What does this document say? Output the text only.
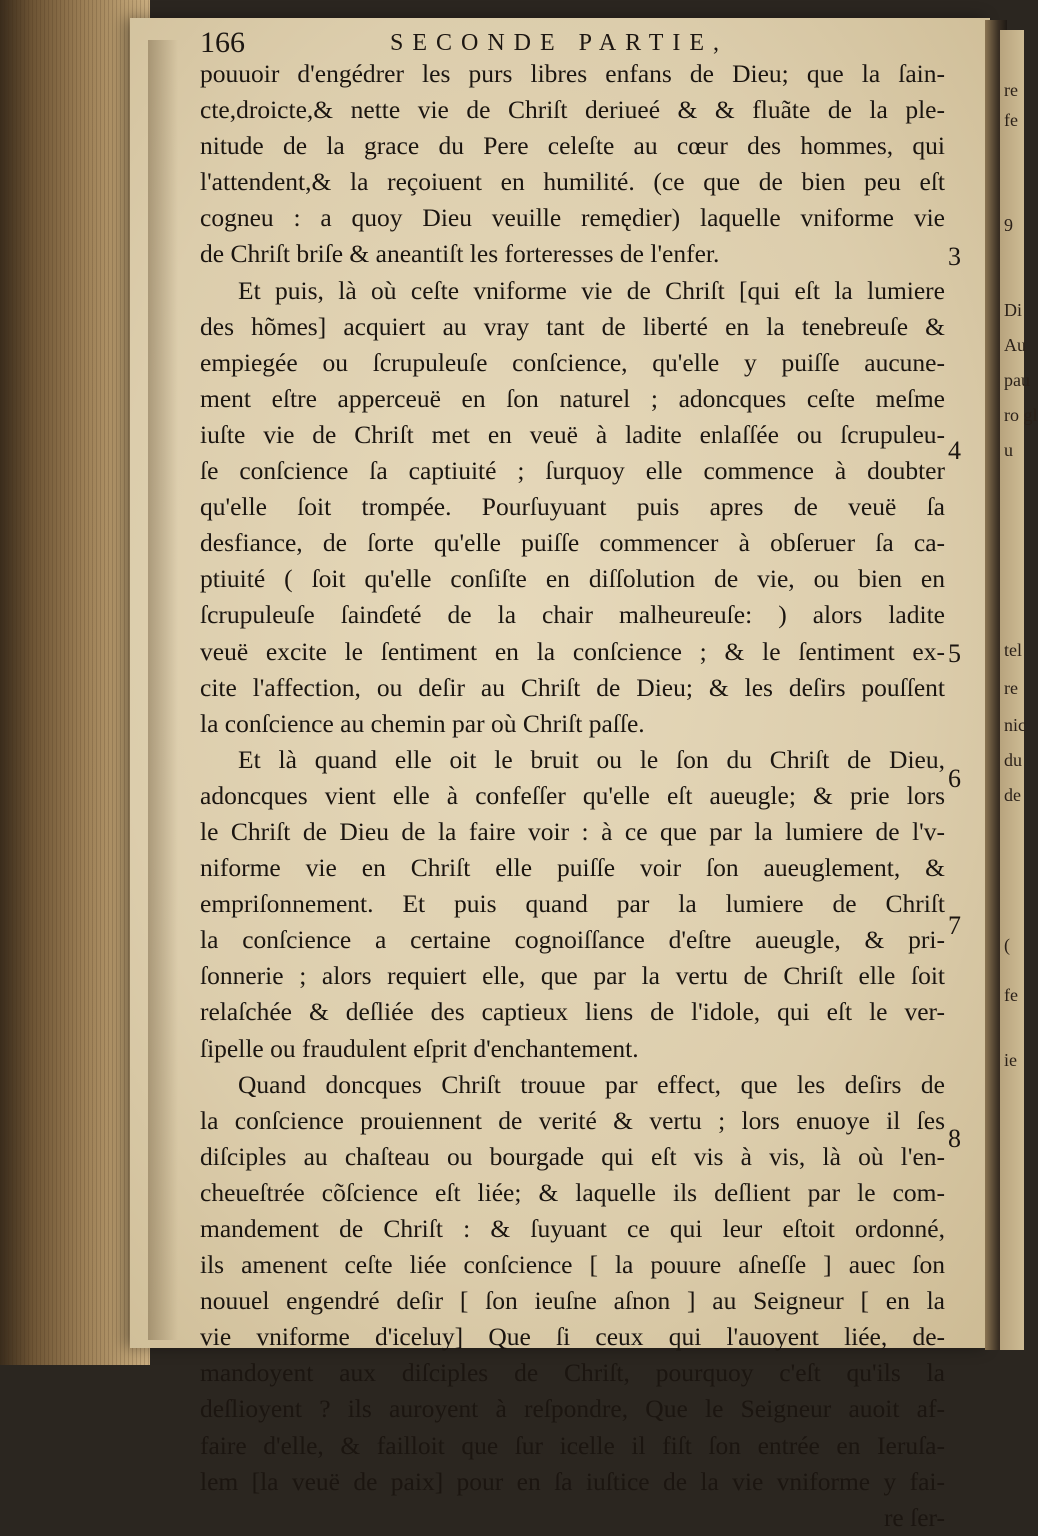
re
fe
9
Di
Au
pau
ro gl
u
tel
re
nic
du
de
(
fe
ie
166	SECONDE PARTIE,
pouuoir d'engédrer les purs libres enfans de Dieu; que la ſain-
cte,droicte,& nette vie de Chriſt deriueé & & fluãte de la ple-
nitude de la grace du Pere celeſte au cœur des hommes, qui
l'attendent,& la reçoiuent en humilité. (ce que de bien peu eſt
cogneu : a quoy Dieu veuille remędier) laquelle vniforme vie
de Chriſt briſe & aneantiſt les forteresses de l'enfer.
Et puis, là où ceſte vniforme vie de Chriſt [qui eſt la lumiere
des hõmes] acquiert au vray tant de liberté en la tenebreuſe &
empiegée ou ſcrupuleuſe conſcience, qu'elle y puiſſe aucune-
ment eſtre apperceuë en ſon naturel ; adoncques ceſte meſme
iuſte vie de Chriſt met en veuë à ladite enlaſſée ou ſcrupuleu-
ſe conſcience ſa captiuité ; ſurquoy elle commence à doubter
qu'elle ſoit trompée. Pourſuyuant puis apres de veuë ſa
desfiance, de ſorte qu'elle puiſſe commencer à obſeruer ſa ca-
ptiuité ( ſoit qu'elle conſiſte en diſſolution de vie, ou bien en
ſcrupuleuſe ſainɗeté de la chair malheureuſe: ) alors ladite
veuë excite le ſentiment en la conſcience ; & le ſentiment ex-
cite l'affection, ou deſir au Chriſt de Dieu; & les deſirs pouſſent
la conſcience au chemin par où Chriſt paſſe.
Et là quand elle oit le bruit ou le ſon du Chriſt de Dieu,
adoncques vient elle à confeſſer qu'elle eſt aueugle; & prie lors
le Chriſt de Dieu de la faire voir : à ce que par la lumiere de l'v-
niforme vie en Chriſt elle puiſſe voir ſon aueuglement, &
empriſonnement. Et puis quand par la lumiere de Chriſt
la conſcience a certaine cognoiſſance d'eſtre aueugle, & pri-
ſonnerie ; alors requiert elle, que par la vertu de Chriſt elle ſoit
relaſchée & deſliée des captieux liens de l'idole, qui eſt le ver-
ſipelle ou fraudulent eſprit d'enchantement.
Quand doncques Chriſt trouue par effect, que les deſirs de
la conſcience prouiennent de verité & vertu ; lors enuoye il ſes
diſciples au chaſteau ou bourgade qui eſt vis à vis, là où l'en-
cheueſtrée cõſcience eſt liée; & laquelle ils deſlient par le com-
mandement de Chriſt : & ſuyuant ce qui leur eſtoit ordonné,
ils amenent ceſte liée conſcience [ la pouure aſneſſe ] auec ſon
nouuel engendré deſir [ ſon ieuſne aſnon ] au Seigneur [ en la
vie vniforme d'iceluy] Que ſi ceux qui l'auoyent liée, de-
mandoyent aux diſciples de Chriſt, pourquoy c'eſt qu'ils la
deſlioyent ? ils auroyent à reſpondre, Que le Seigneur auoit af-
faire d'elle, & failloit que ſur icelle il fiſt ſon entrée en Ieruſa-
lem [la veuë de paix] pour en ſa iuſtice de la vie vniforme y fai-
re ſer-
3
4
5
6
7
8
